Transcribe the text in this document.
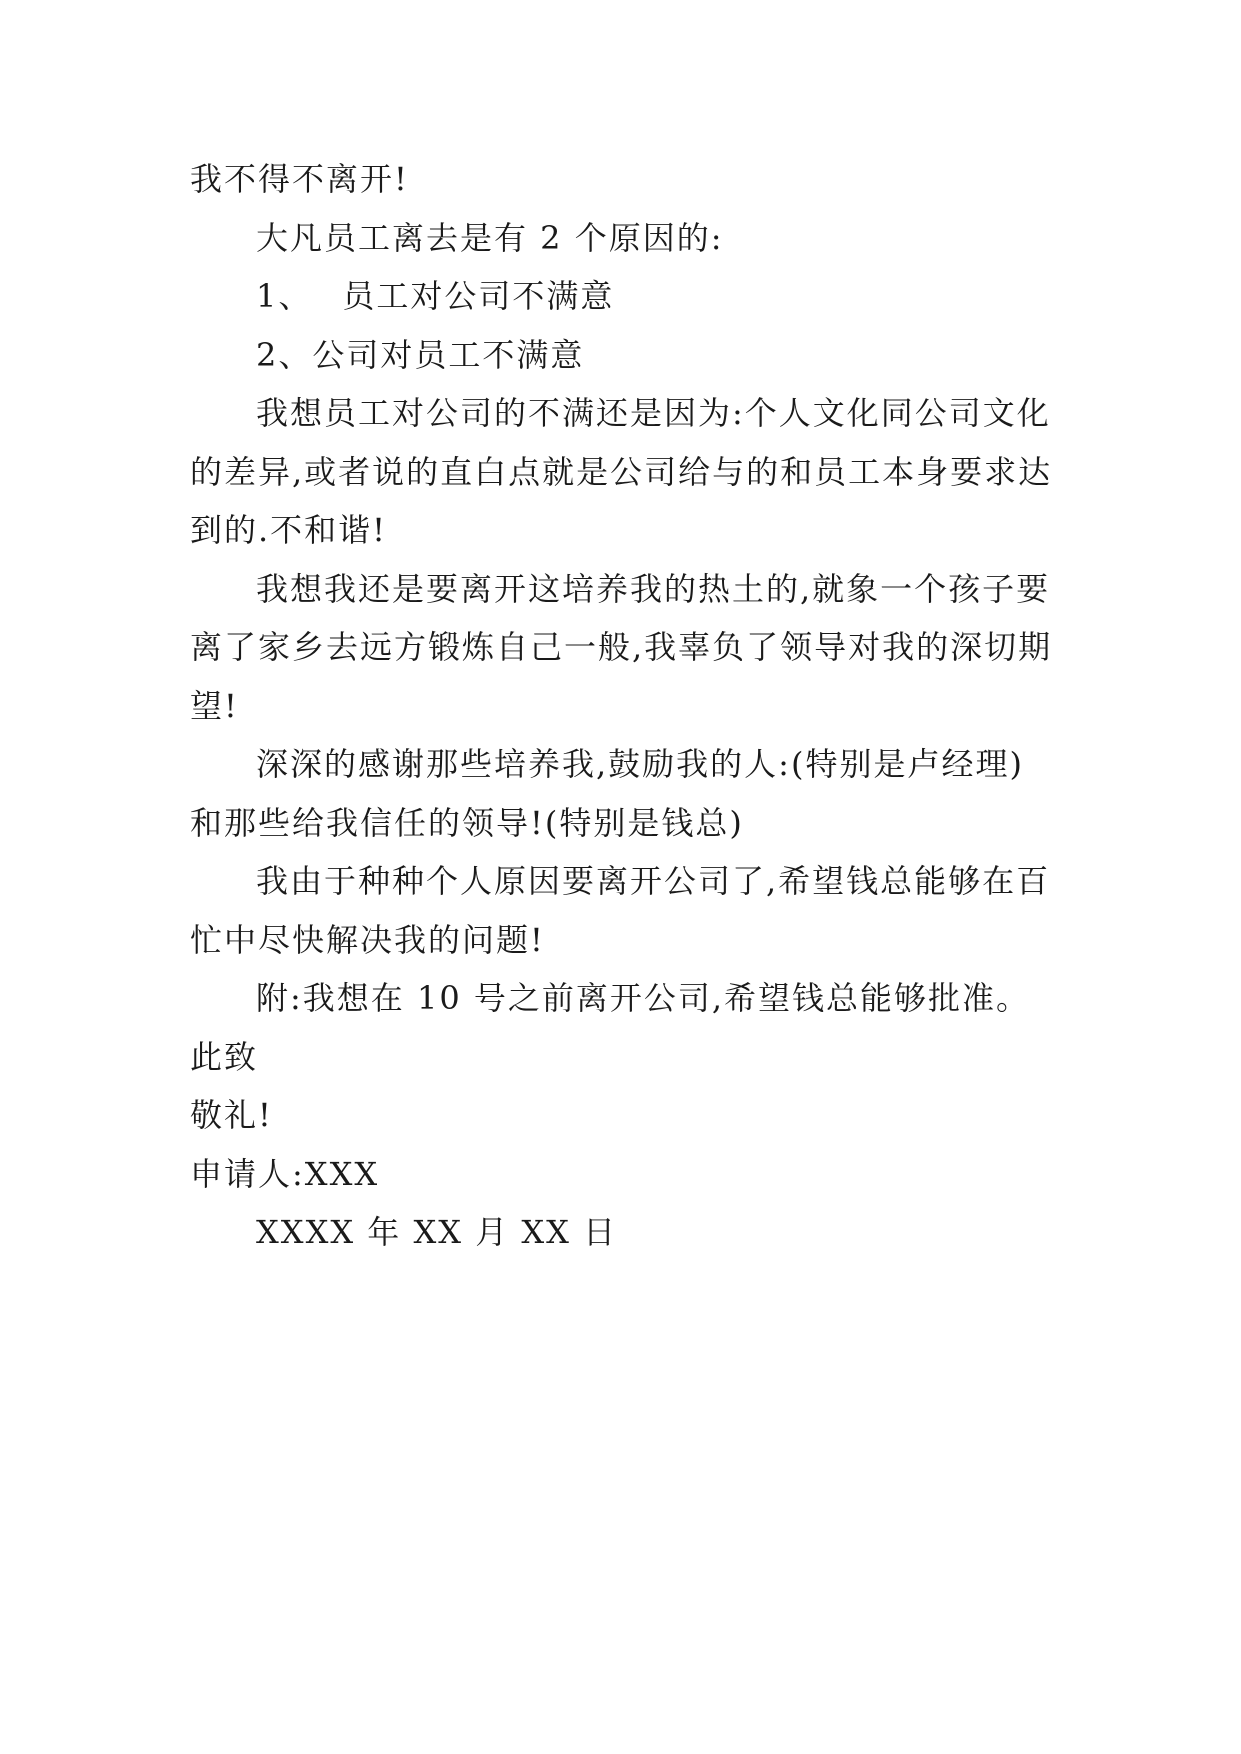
我不得不离开!
大凡员工离去是有 2 个原因的:
1、 员工对公司不满意
2、公司对员工不满意
我想员工对公司的不满还是因为:个人文化同公司文化
的差异,或者说的直白点就是公司给与的和员工本身要求达
到的.不和谐!
我想我还是要离开这培养我的热土的,就象一个孩子要
离了家乡去远方锻炼自己一般,我辜负了领导对我的深切期
望!
深深的感谢那些培养我,鼓励我的人:(特别是卢经理)
和那些给我信任的领导!(特别是钱总)
我由于种种个人原因要离开公司了,希望钱总能够在百
忙中尽快解决我的问题!
附:我想在 10 号之前离开公司,希望钱总能够批准。
此致
敬礼!
申请人:XXX
XXXX 年 XX 月 XX 日
